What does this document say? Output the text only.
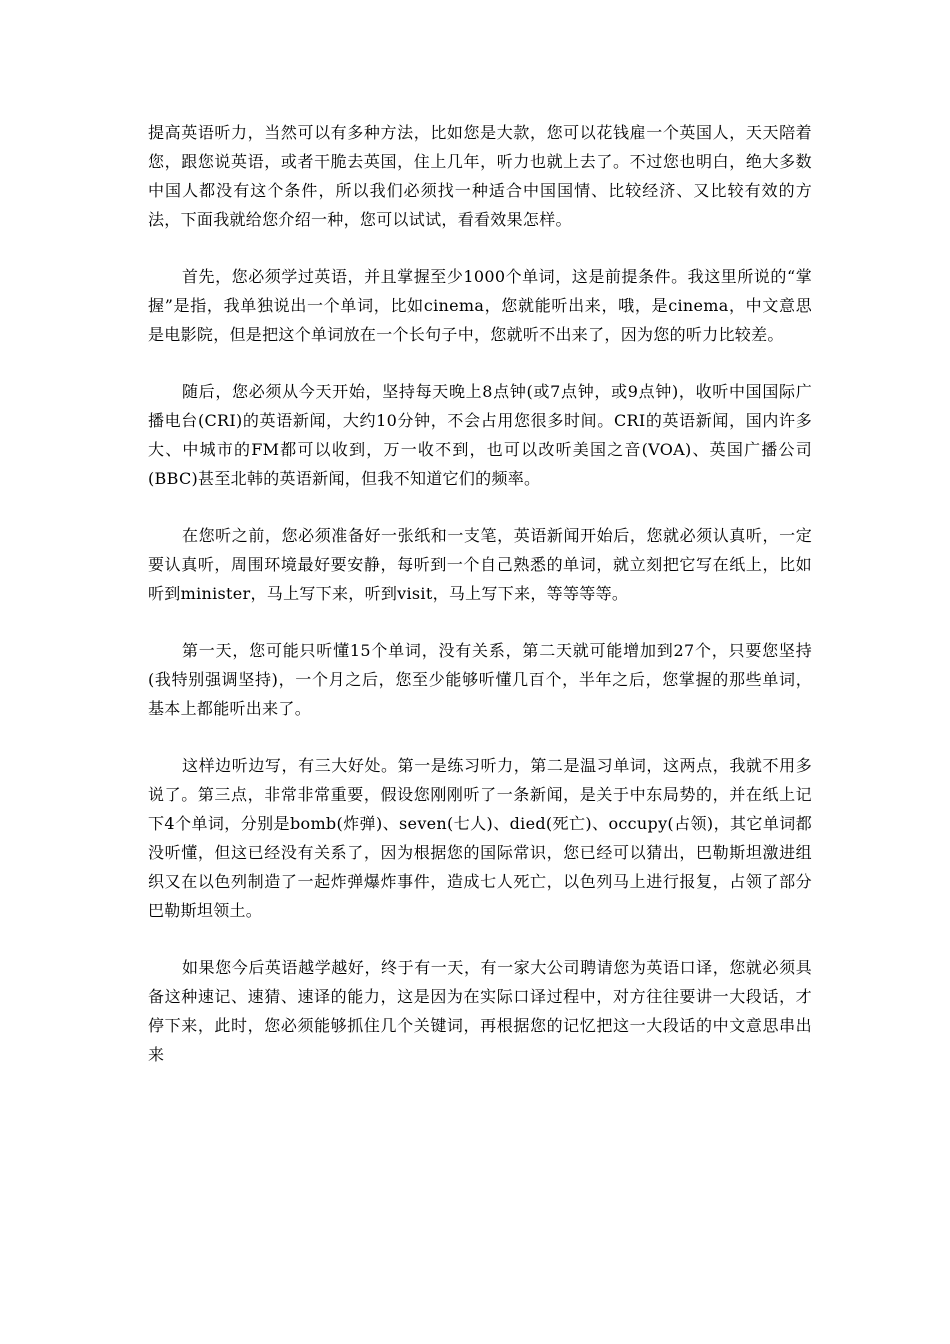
提高英语听力，当然可以有多种方法，比如您是大款，您可以花钱雇一个英国人，天天陪着您，跟您说英语，或者干脆去英国，住上几年，听力也就上去了。不过您也明白，绝大多数中国人都没有这个条件，所以我们必须找一种适合中国国情、比较经济、又比较有效的方法，下面我就给您介绍一种，您可以试试，看看效果怎样。

首先，您必须学过英语，并且掌握至少1000个单词，这是前提条件。我这里所说的“掌握”是指，我单独说出一个单词，比如cinema，您就能听出来，哦，是cinema，中文意思是电影院，但是把这个单词放在一个长句子中，您就听不出来了，因为您的听力比较差。

随后，您必须从今天开始，坚持每天晚上8点钟(或7点钟，或9点钟)，收听中国国际广播电台(CRI)的英语新闻，大约10分钟，不会占用您很多时间。CRI的英语新闻，国内许多大、中城市的FM都可以收到，万一收不到，也可以改听美国之音(VOA)、英国广播公司(BBC)甚至北韩的英语新闻，但我不知道它们的频率。

在您听之前，您必须准备好一张纸和一支笔，英语新闻开始后，您就必须认真听，一定要认真听，周围环境最好要安静，每听到一个自己熟悉的单词，就立刻把它写在纸上，比如听到minister，马上写下来，听到visit，马上写下来，等等等等。

第一天，您可能只听懂15个单词，没有关系，第二天就可能增加到27个，只要您坚持(我特别强调坚持)，一个月之后，您至少能够听懂几百个，半年之后，您掌握的那些单词，基本上都能听出来了。

这样边听边写，有三大好处。第一是练习听力，第二是温习单词，这两点，我就不用多说了。第三点，非常非常重要，假设您刚刚听了一条新闻，是关于中东局势的，并在纸上记下4个单词，分别是bomb(炸弹)、seven(七人)、died(死亡)、occupy(占领)，其它单词都没听懂，但这已经没有关系了，因为根据您的国际常识，您已经可以猜出，巴勒斯坦激进组织又在以色列制造了一起炸弹爆炸事件，造成七人死亡，以色列马上进行报复，占领了部分巴勒斯坦领土。

如果您今后英语越学越好，终于有一天，有一家大公司聘请您为英语口译，您就必须具备这种速记、速猜、速译的能力，这是因为在实际口译过程中，对方往往要讲一大段话，才停下来，此时，您必须能够抓住几个关键词，再根据您的记忆把这一大段话的中文意思串出来
